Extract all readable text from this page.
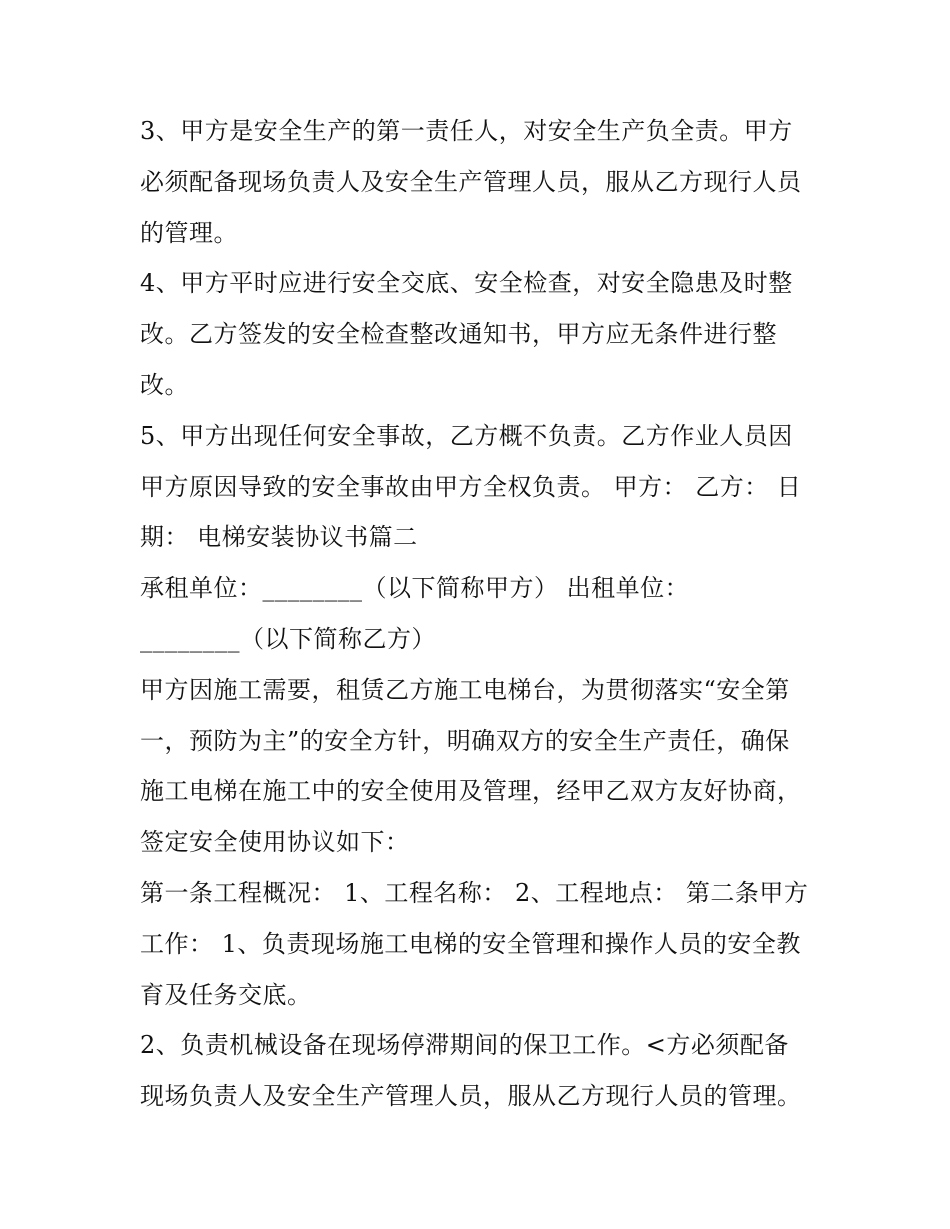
3、甲方是安全生产的第一责任人，对安全生产负全责。甲方
必须配备现场负责人及安全生产管理人员，服从乙方现行人员
的管理。
4、甲方平时应进行安全交底、安全检查，对安全隐患及时整
改。乙方签发的安全检查整改通知书，甲方应无条件进行整
改。
5、甲方出现任何安全事故，乙方概不负责。乙方作业人员因
甲方原因导致的安全事故由甲方全权负责。 甲方： 乙方： 日
期： 电梯安装协议书篇二
承租单位：________（以下简称甲方） 出租单位：
________（以下简称乙方）
甲方因施工需要，租赁乙方施工电梯台，为贯彻落实“安全第
一，预防为主”的安全方针，明确双方的安全生产责任，确保
施工电梯在施工中的安全使用及管理，经甲乙双方友好协商，
签定安全使用协议如下：
第一条工程概况： 1、工程名称： 2、工程地点： 第二条甲方
工作： 1、负责现场施工电梯的安全管理和操作人员的安全教
育及任务交底。
2、负责机械设备在现场停滞期间的保卫工作。<方必须配备
现场负责人及安全生产管理人员，服从乙方现行人员的管理。
